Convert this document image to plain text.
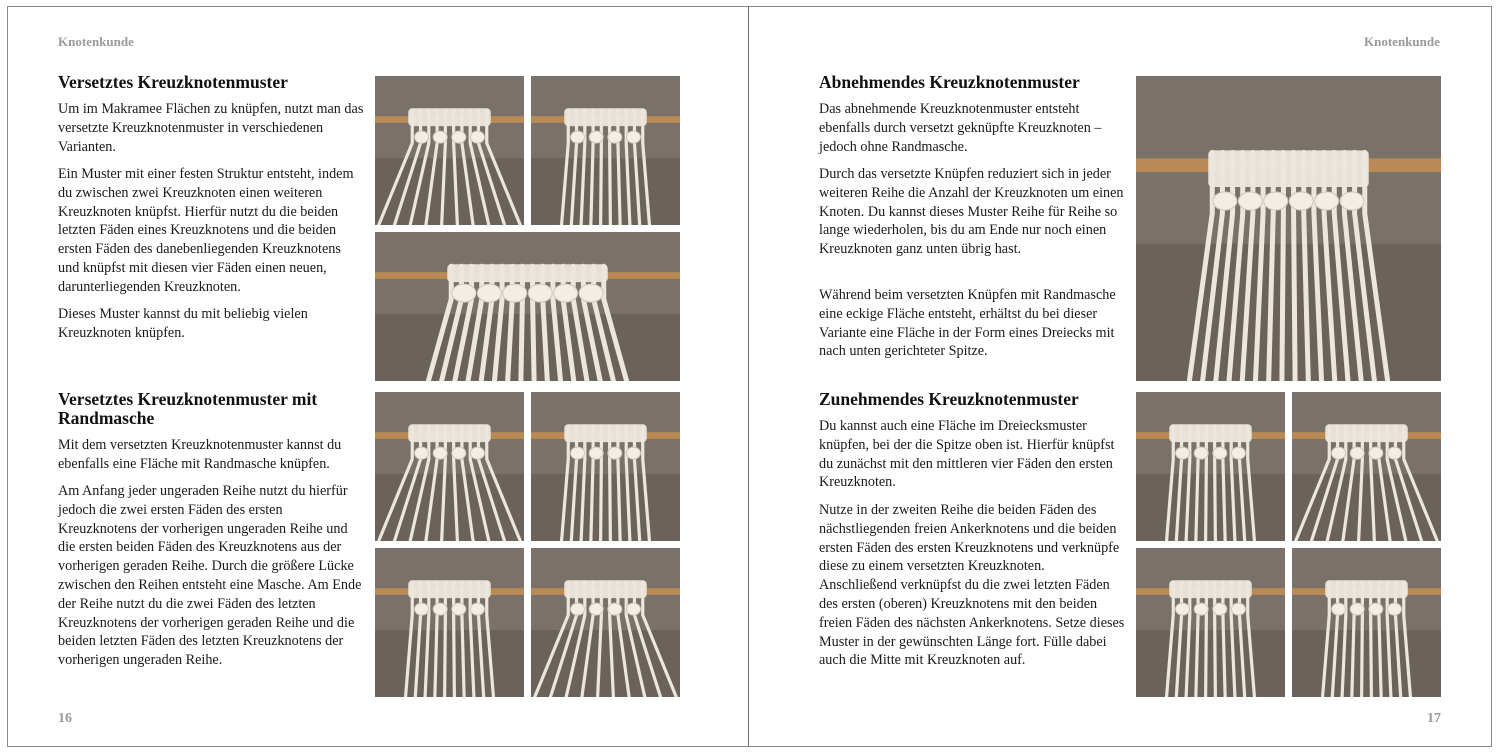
Knotenkunde
Versetztes Kreuzknotenmuster

Um im Makramee Flächen zu knüpfen, nutzt man das versetzte Kreuzknotenmuster in verschiedenen Varianten.

Ein Muster mit einer festen Struktur entsteht, indem du zwischen zwei Kreuzknoten einen weiteren Kreuzknoten knüpfst. Hierfür nutzt du die beiden letzten Fäden eines Kreuzknotens und die beiden ersten Fäden des danebenliegenden Kreuzknotens und knüpfst mit diesen vier Fäden einen neuen, darunterliegenden Kreuzknoten.

Dieses Muster kannst du mit beliebig vielen Kreuzknoten knüpfen.

Versetztes Kreuzknotenmuster mit Randmasche

Mit dem versetzten Kreuzknotenmuster kannst du ebenfalls eine Fläche mit Randmasche knüpfen.

Am Anfang jeder ungeraden Reihe nutzt du hierfür jedoch die zwei ersten Fäden des ersten Kreuzknotens der vorherigen ungeraden Reihe und die ersten beiden Fäden des Kreuzknotens aus der vorherigen geraden Reihe. Durch die größere Lücke zwischen den Reihen entsteht eine Masche. Am Ende der Reihe nutzt du die zwei Fäden des letzten Kreuzknotens der vorherigen geraden Reihe und die beiden letzten Fäden des letzten Kreuzknotens der vorherigen ungeraden Reihe.

16
Knotenkunde
Abnehmendes Kreuzknotenmuster

Das abnehmende Kreuzknotenmuster entsteht ebenfalls durch versetzt geknüpfte Kreuzknoten – jedoch ohne Randmasche.

Durch das versetzte Knüpfen reduziert sich in jeder weiteren Reihe die Anzahl der Kreuzknoten um einen Knoten. Du kannst dieses Muster Reihe für Reihe so lange wiederholen, bis du am Ende nur noch einen Kreuzknoten ganz unten übrig hast.

Während beim versetzten Knüpfen mit Randmasche eine eckige Fläche entsteht, erhältst du bei dieser Variante eine Fläche in der Form eines Dreiecks mit nach unten gerichteter Spitze.

Zunehmendes Kreuzknotenmuster

Du kannst auch eine Fläche im Dreiecksmuster knüpfen, bei der die Spitze oben ist. Hierfür knüpfst du zunächst mit den mittleren vier Fäden den ersten Kreuzknoten.

Nutze in der zweiten Reihe die beiden Fäden des nächstliegenden freien Ankerknotens und die beiden ersten Fäden des ersten Kreuzknotens und verknüpfe diese zu einem versetzten Kreuzknoten. Anschließend verknüpfst du die zwei letzten Fäden des ersten (oberen) Kreuzknotens mit den beiden freien Fäden des nächsten Ankerknotens. Setze dieses Muster in der gewünschten Länge fort. Fülle dabei auch die Mitte mit Kreuzknoten auf.

17
